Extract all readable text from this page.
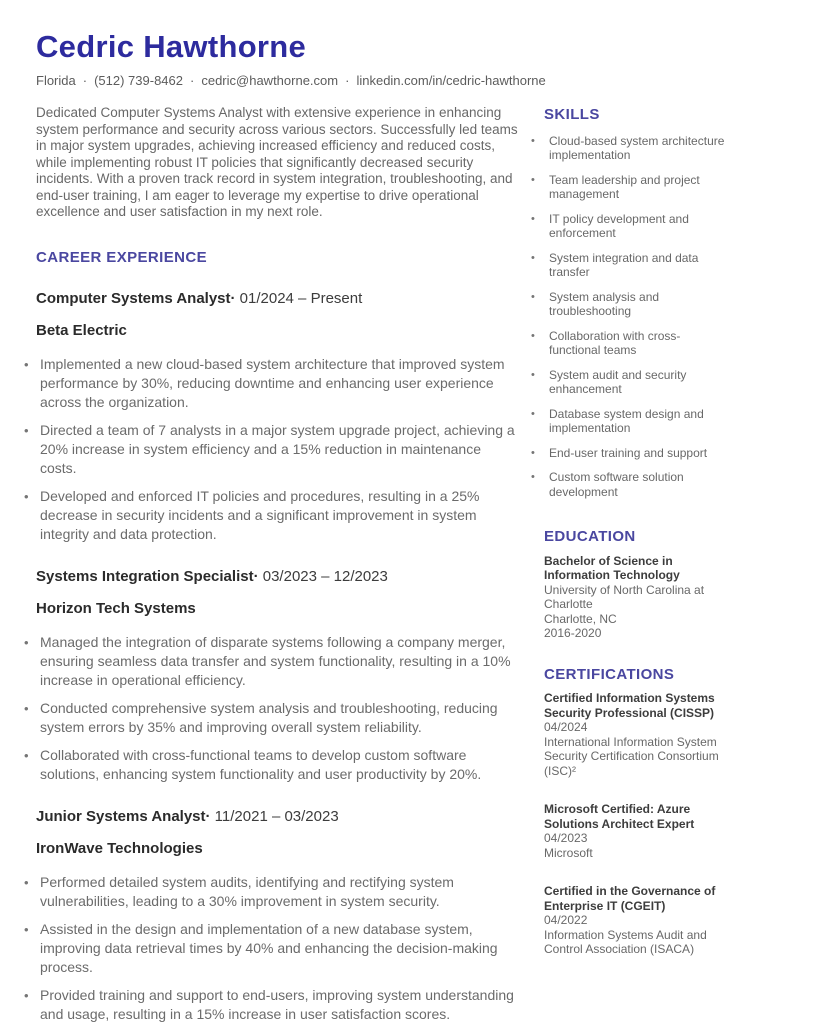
Cedric Hawthorne
Florida · (512) 739-8462 · cedric@hawthorne.com · linkedin.com/in/cedric-hawthorne

Dedicated Computer Systems Analyst with extensive experience in enhancing system performance and security across various sectors. Successfully led teams in major system upgrades, achieving increased efficiency and reduced costs, while implementing robust IT policies that significantly decreased security incidents. With a proven track record in system integration, troubleshooting, and end-user training, I am eager to leverage my expertise to drive operational excellence and user satisfaction in my next role.

CAREER EXPERIENCE
Computer Systems Analyst· 01/2024 – Present
Beta Electric
• Implemented a new cloud-based system architecture that improved system performance by 30%, reducing downtime and enhancing user experience across the organization.
• Directed a team of 7 analysts in a major system upgrade project, achieving a 20% increase in system efficiency and a 15% reduction in maintenance costs.
• Developed and enforced IT policies and procedures, resulting in a 25% decrease in security incidents and a significant improvement in system integrity and data protection.
Systems Integration Specialist· 03/2023 – 12/2023
Horizon Tech Systems
• Managed the integration of disparate systems following a company merger, ensuring seamless data transfer and system functionality, resulting in a 10% increase in operational efficiency.
• Conducted comprehensive system analysis and troubleshooting, reducing system errors by 35% and improving overall system reliability.
• Collaborated with cross-functional teams to develop custom software solutions, enhancing system functionality and user productivity by 20%.
Junior Systems Analyst· 11/2021 – 03/2023
IronWave Technologies
• Performed detailed system audits, identifying and rectifying system vulnerabilities, leading to a 30% improvement in system security.
• Assisted in the design and implementation of a new database system, improving data retrieval times by 40% and enhancing the decision-making process.
• Provided training and support to end-users, improving system understanding and usage, resulting in a 15% increase in user satisfaction scores.
SKILLS
• Cloud-based system architecture implementation
• Team leadership and project management
• IT policy development and enforcement
• System integration and data transfer
• System analysis and troubleshooting
• Collaboration with cross-functional teams
• System audit and security enhancement
• Database system design and implementation
• End-user training and support
• Custom software solution development
EDUCATION
Bachelor of Science in Information Technology
University of North Carolina at Charlotte
Charlotte, NC
2016-2020
CERTIFICATIONS
Certified Information Systems Security Professional (CISSP)
04/2024
International Information System Security Certification Consortium (ISC)²
Microsoft Certified: Azure Solutions Architect Expert
04/2023
Microsoft
Certified in the Governance of Enterprise IT (CGEIT)
04/2022
Information Systems Audit and Control Association (ISACA)
